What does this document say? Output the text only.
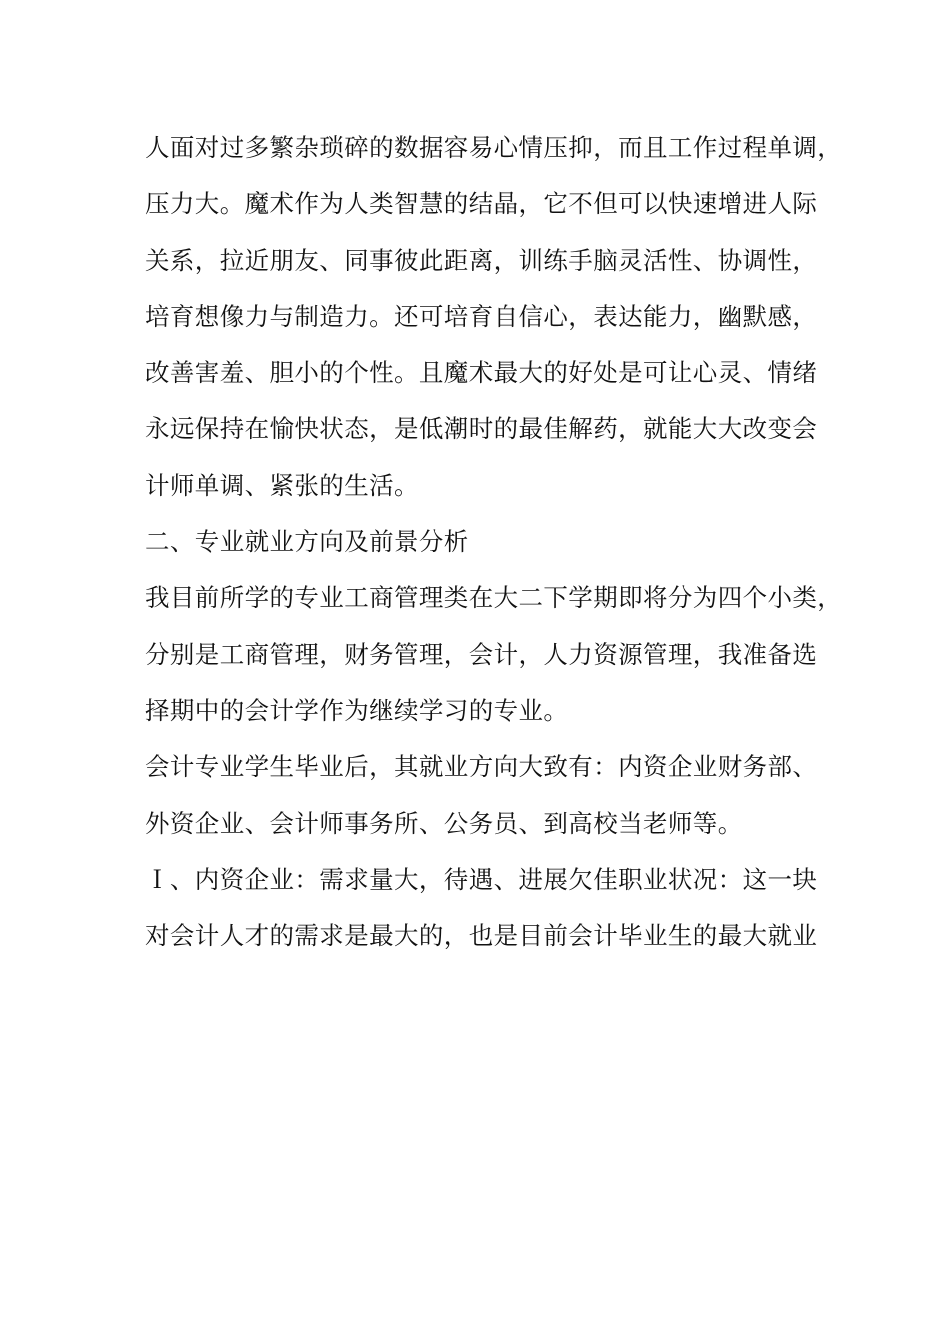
人面对过多繁杂琐碎的数据容易心情压抑，而且工作过程单调，
压力大。魔术作为人类智慧的结晶，它不但可以快速增进人际
关系，拉近朋友、同事彼此距离，训练手脑灵活性、协调性，
培育想像力与制造力。还可培育自信心，表达能力，幽默感，
改善害羞、胆小的个性。且魔术最大的好处是可让心灵、情绪
永远保持在愉快状态，是低潮时的最佳解药，就能大大改变会
计师单调、紧张的生活。
二、专业就业方向及前景分析
我目前所学的专业工商管理类在大二下学期即将分为四个小类，
分别是工商管理，财务管理，会计，人力资源管理，我准备选
择期中的会计学作为继续学习的专业。
会计专业学生毕业后，其就业方向大致有：内资企业财务部、
外资企业、会计师事务所、公务员、到高校当老师等。
Ｉ、内资企业：需求量大，待遇、进展欠佳职业状况：这一块
对会计人才的需求是最大的，也是目前会计毕业生的最大就业
